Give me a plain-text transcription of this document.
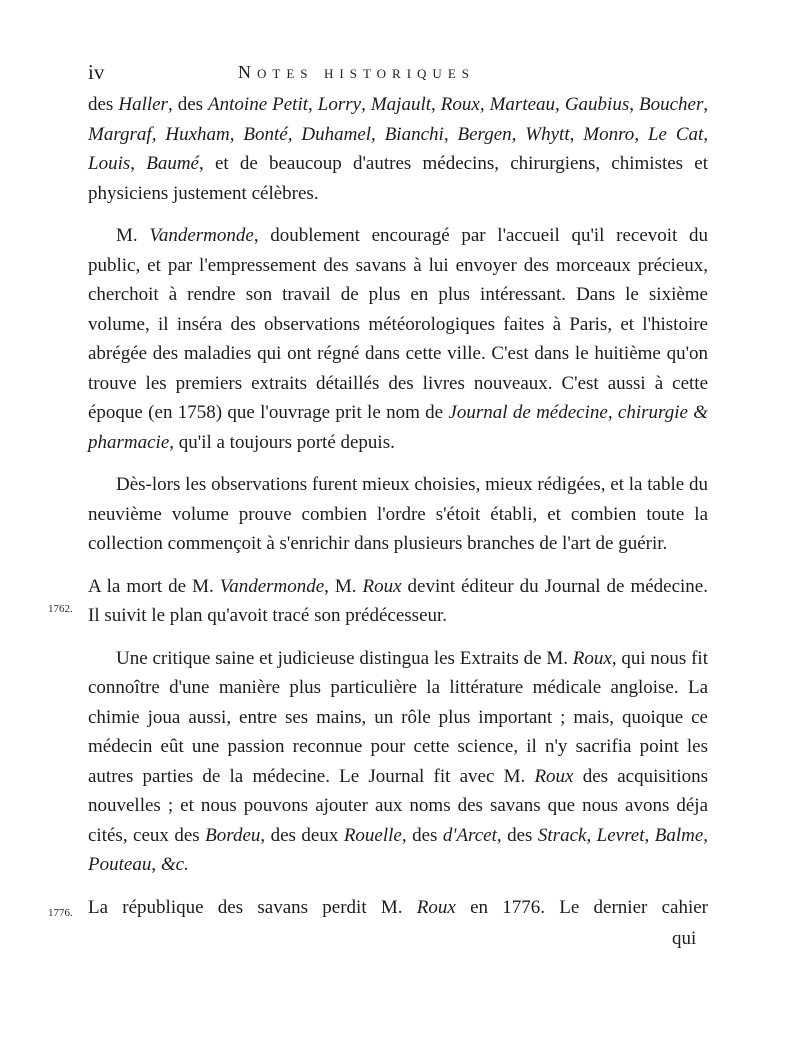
iv	Notes historiques

des Haller, des Antoine Petit, Lorry, Majault, Roux, Marteau, Gaubius, Boucher, Margraf, Huxham, Bonté, Duhamel, Bianchi, Bergen, Whytt, Monro, Le Cat, Louis, Baumé, et de beaucoup d'autres médecins, chirurgiens, chimistes et physiciens justement célèbres.

M. Vandermonde, doublement encouragé par l'accueil qu'il recevoit du public, et par l'empressement des savans à lui envoyer des morceaux précieux, cherchoit à rendre son travail de plus en plus intéressant. Dans le sixième volume, il inséra des observations météorologiques faites à Paris, et l'histoire abrégée des maladies qui ont régné dans cette ville. C'est dans le huitième qu'on trouve les premiers extraits détaillés des livres nouveaux. C'est aussi à cette époque (en 1758) que l'ouvrage prit le nom de Journal de médecine, chirurgie & pharmacie, qu'il a toujours porté depuis.

Dès-lors les observations furent mieux choisies, mieux rédigées, et la table du neuvième volume prouve combien l'ordre s'étoit établi, et combien toute la collection commençoit à s'enrichir dans plusieurs branches de l'art de guérir.

A la mort de M. Vandermonde, M. Roux devint éditeur du Journal de médecine. Il suivit le plan qu'avoit tracé son prédécesseur.

Une critique saine et judicieuse distingua les Extraits de M. Roux, qui nous fit connoître d'une manière plus particulière la littérature médicale angloise. La chimie joua aussi, entre ses mains, un rôle plus important ; mais, quoique ce médecin eût une passion reconnue pour cette science, il n'y sacrifia point les autres parties de la médecine. Le Journal fit avec M. Roux des acquisitions nouvelles ; et nous pouvons ajouter aux noms des savans que nous avons déja cités, ceux des Bordeu, des deux Rouelle, des d'Arcet, des Strack, Levret, Balme, Pouteau, &c.

La république des savans perdit M. Roux en 1776. Le dernier cahier

1762.
1776.
qui
